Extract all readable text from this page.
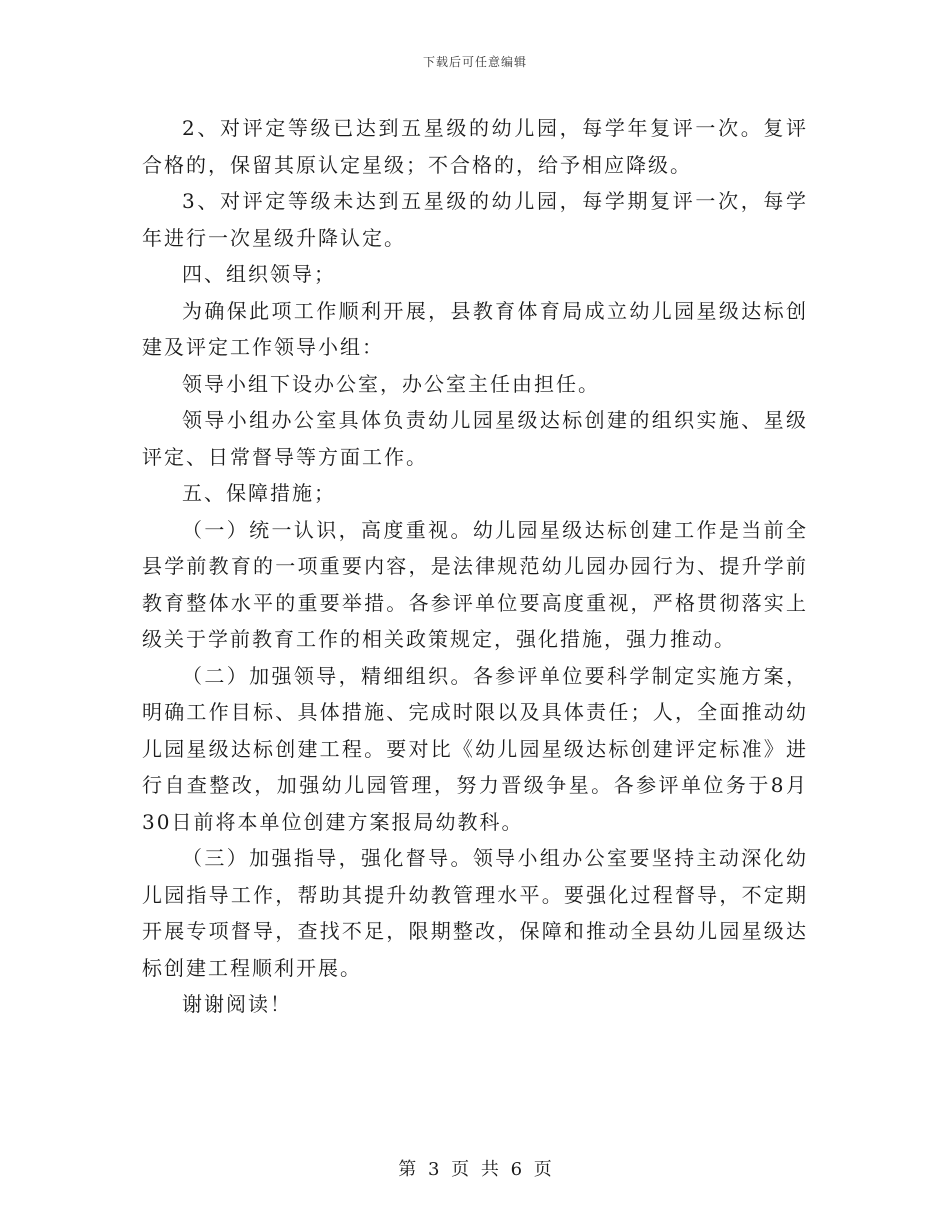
下载后可任意编辑

2、对评定等级已达到五星级的幼儿园，每学年复评一次。复评合格的，保留其原认定星级；不合格的，给予相应降级。

3、对评定等级未达到五星级的幼儿园，每学期复评一次，每学年进行一次星级升降认定。

四、组织领导；

为确保此项工作顺利开展，县教育体育局成立幼儿园星级达标创建及评定工作领导小组：

领导小组下设办公室，办公室主任由担任。

领导小组办公室具体负责幼儿园星级达标创建的组织实施、星级评定、日常督导等方面工作。

五、保障措施；

（一）统一认识，高度重视。幼儿园星级达标创建工作是当前全县学前教育的一项重要内容，是法律规范幼儿园办园行为、提升学前教育整体水平的重要举措。各参评单位要高度重视，严格贯彻落实上级关于学前教育工作的相关政策规定，强化措施，强力推动。

（二）加强领导，精细组织。各参评单位要科学制定实施方案，明确工作目标、具体措施、完成时限以及具体责任；人，全面推动幼儿园星级达标创建工程。要对比《幼儿园星级达标创建评定标准》进行自查整改，加强幼儿园管理，努力晋级争星。各参评单位务于8月30日前将本单位创建方案报局幼教科。

（三）加强指导，强化督导。领导小组办公室要坚持主动深化幼儿园指导工作，帮助其提升幼教管理水平。要强化过程督导，不定期开展专项督导，查找不足，限期整改，保障和推动全县幼儿园星级达标创建工程顺利开展。

谢谢阅读！

第 3 页 共 6 页
